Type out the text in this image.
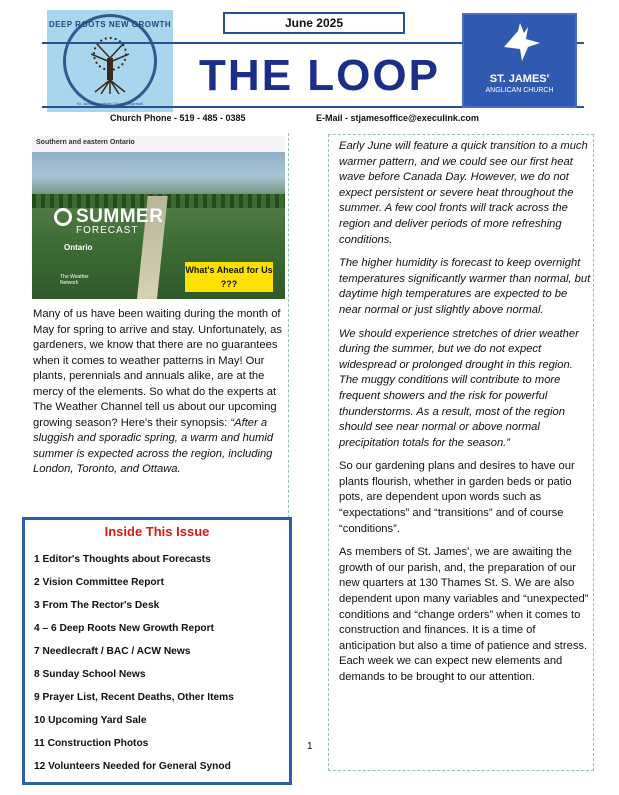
June 2025
DEEP ROOTS NEW GROWTH
St. James' Anglican Church, Ingersoll
THE LOOP	ST. JAMES'
ANGLICAN CHURCH
Church Phone - 519 - 485 - 0385	E-Mail - stjamesoffice@execulink.com
Southern and eastern Ontario
SUMMER
FORECAST
Ontario
The Weather Network
What's Ahead for Us ???
Many of us have been waiting during the month of May for spring to arrive and stay. Unfortunately, as gardeners, we know that there are no guarantees when it comes to weather patterns in May! Our plants, perennials and annuals alike, are at the mercy of the elements. So what do the experts at The Weather Channel tell us about our upcoming growing season? Here's their synopsis: “After a sluggish and sporadic spring, a warm and humid summer is expected across the region, including London, Toronto, and Ottawa.
Inside This Issue
1 Editor's Thoughts about Forecasts
2 Vision Committee Report
3 From The Rector's Desk
4 – 6 Deep Roots New Growth Report
7 Needlecraft / BAC / ACW News
8 Sunday School News
9 Prayer List, Recent Deaths, Other Items
10 Upcoming Yard Sale
11 Construction Photos
12 Volunteers Needed for General Synod
1

Early June will feature a quick transition to a much warmer pattern, and we could see our first heat wave before Canada Day. However, we do not expect persistent or severe heat throughout the summer. A few cool fronts will track across the region and deliver periods of more refreshing conditions.

The higher humidity is forecast to keep overnight temperatures significantly warmer than normal, but daytime high temperatures are expected to be near normal or just slightly above normal.

We should experience stretches of drier weather during the summer, but we do not expect widespread or prolonged drought in this region. The muggy conditions will contribute to more frequent showers and the risk for powerful thunderstorms. As a result, most of the region should see near normal or above normal precipitation totals for the season.”

So our gardening plans and desires to have our plants flourish, whether in garden beds or patio pots, are dependent upon words such as “expectations” and “transitions” and of course “conditions”.

As members of St. James', we are awaiting the growth of our parish, and, the preparation of our new quarters at 130 Thames St. S. We are also dependent upon many variables and “unexpected” conditions and “change orders” when it comes to construction and finances. It is a time of anticipation but also a time of patience and stress. Each week we can expect new elements and demands to be brought to our attention.
